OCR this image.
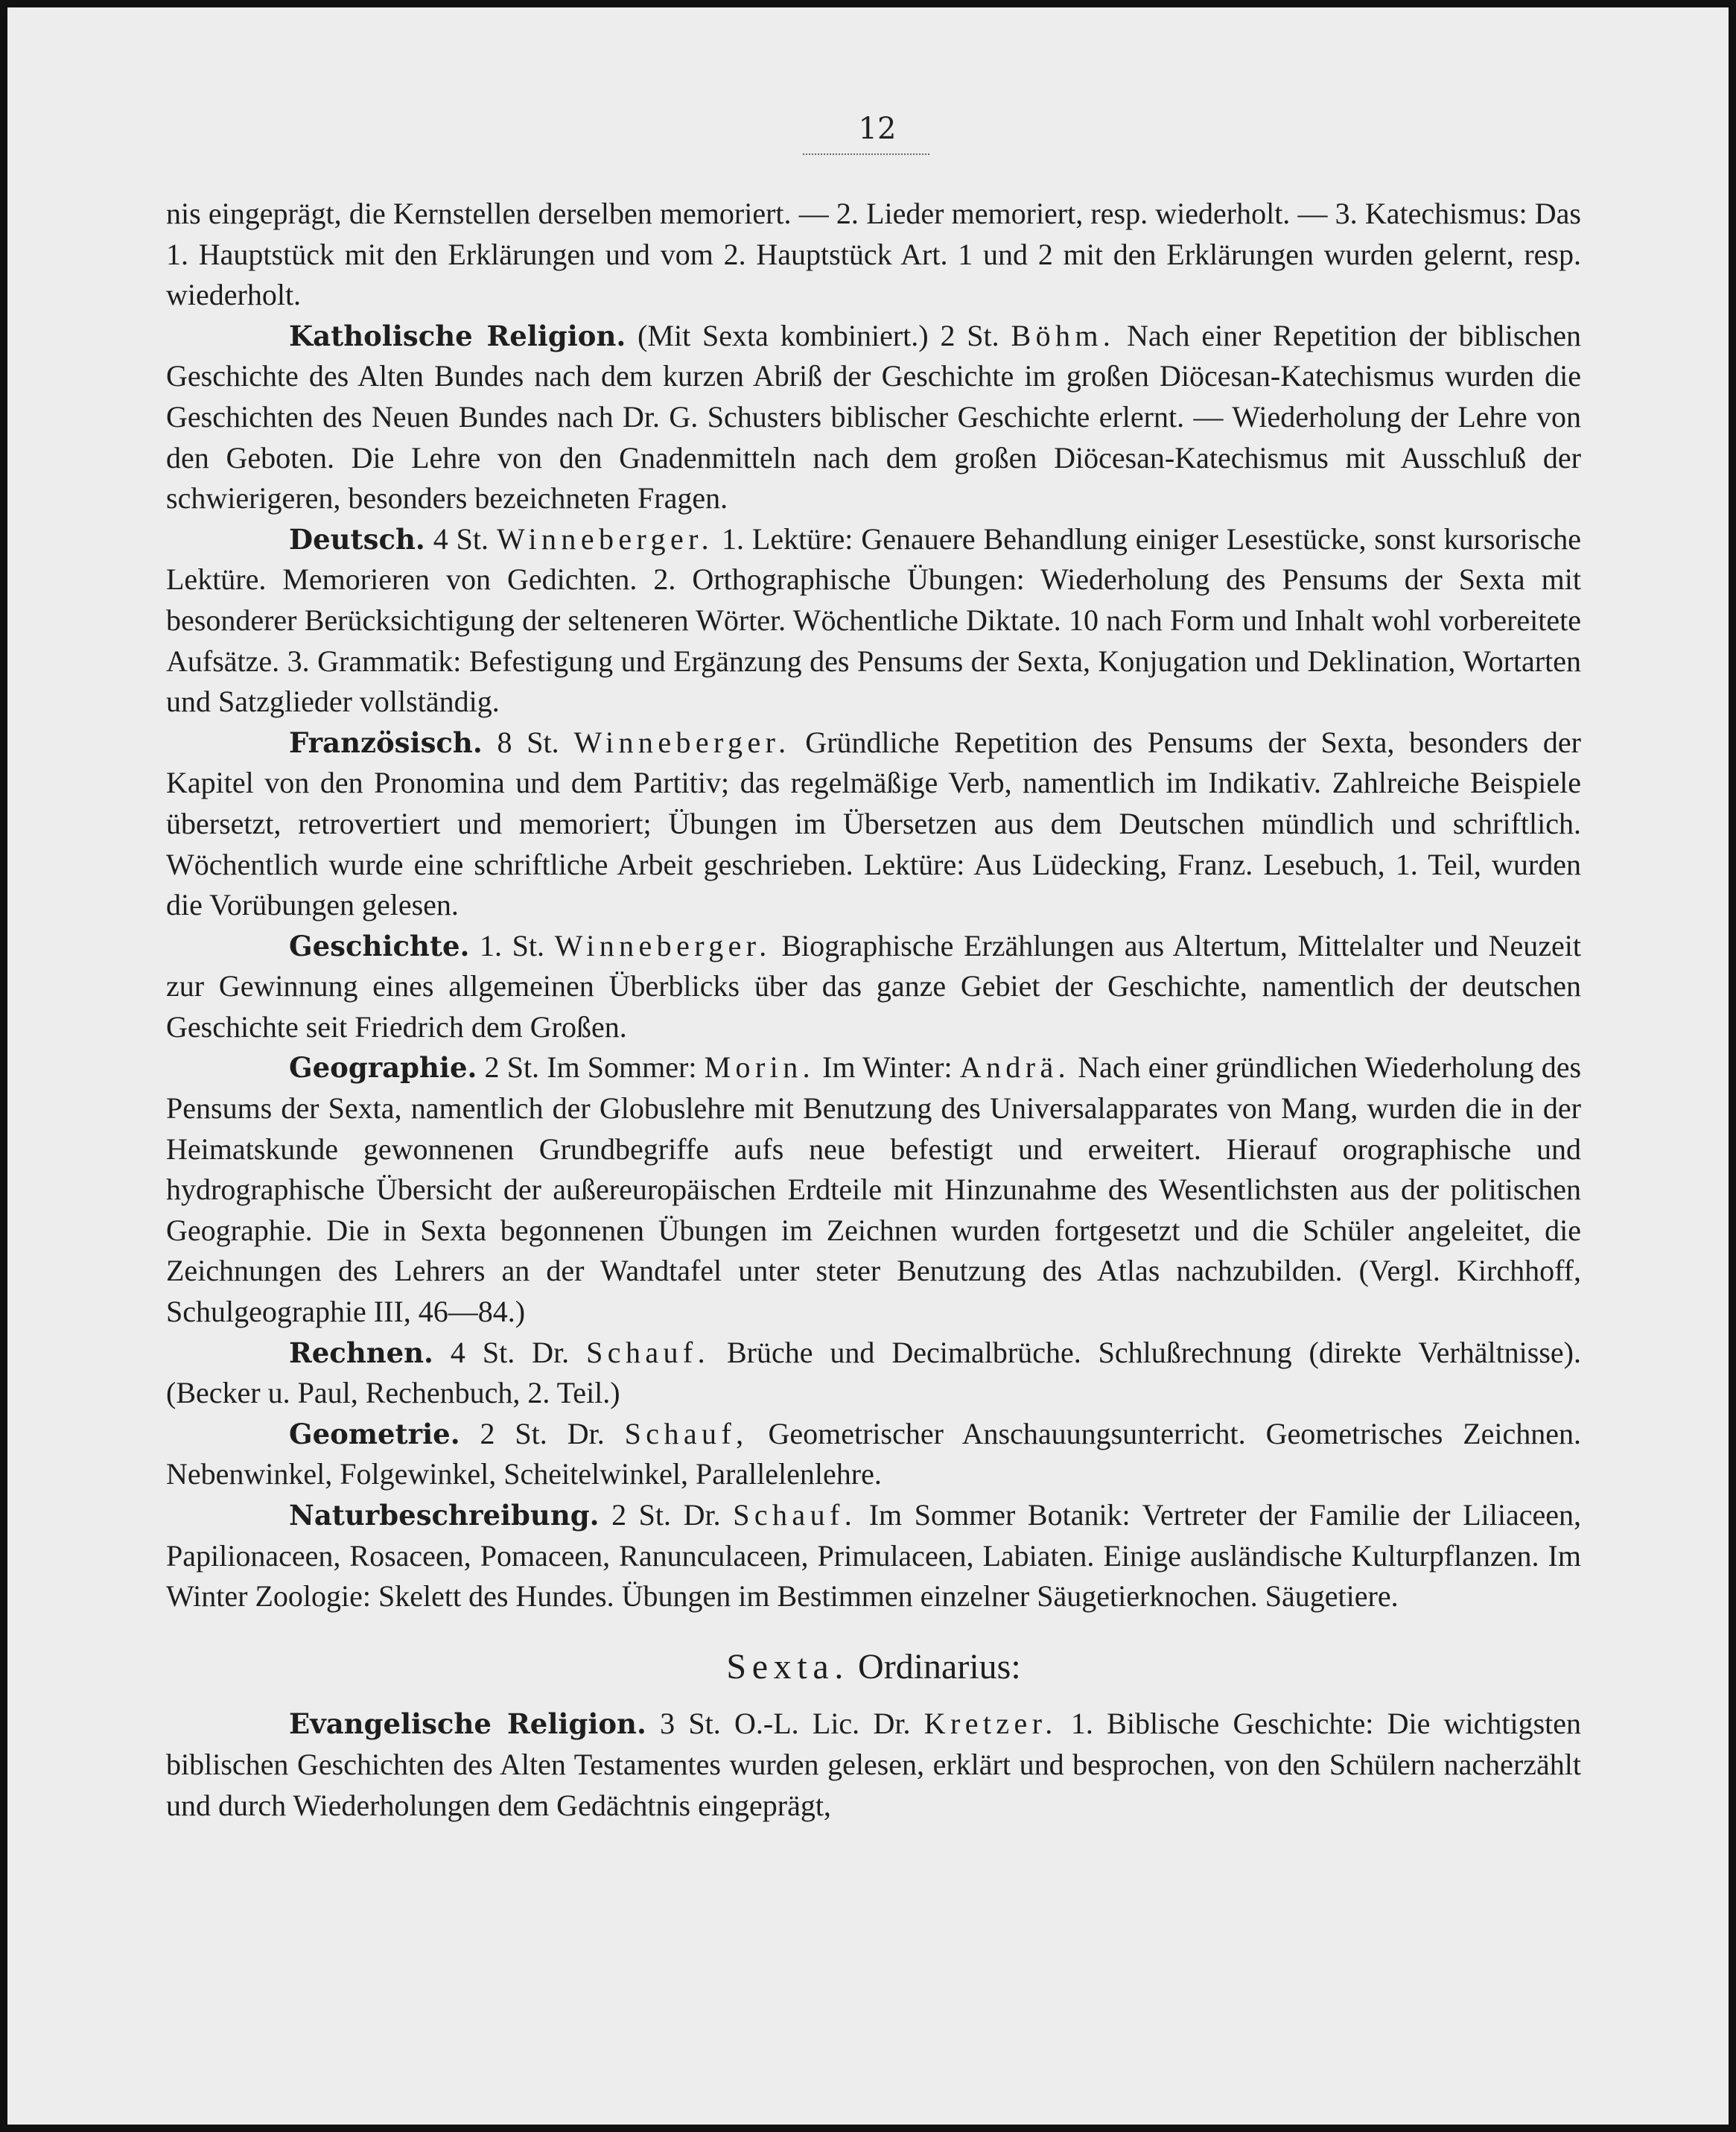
12

nis eingeprägt, die Kernstellen derselben memoriert. — 2. Lieder memoriert, resp. wiederholt. — 3. Katechismus: Das 1. Hauptstück mit den Erklärungen und vom 2. Hauptstück Art. 1 und 2 mit den Erklärungen wurden gelernt, resp. wiederholt.

Katholische Religion. (Mit Sexta kombiniert.) 2 St. Böhm. Nach einer Repetition der biblischen Geschichte des Alten Bundes nach dem kurzen Abriß der Geschichte im großen Diöcesan-Katechismus wurden die Geschichten des Neuen Bundes nach Dr. G. Schusters biblischer Geschichte erlernt. — Wiederholung der Lehre von den Geboten. Die Lehre von den Gnadenmitteln nach dem großen Diöcesan-Katechismus mit Ausschluß der schwierigeren, besonders bezeichneten Fragen.

Deutsch. 4 St. Winneberger. 1. Lektüre: Genauere Behandlung einiger Lesestücke, sonst kursorische Lektüre. Memorieren von Gedichten. 2. Orthographische Übungen: Wiederholung des Pensums der Sexta mit besonderer Berücksichtigung der selteneren Wörter. Wöchentliche Diktate. 10 nach Form und Inhalt wohl vorbereitete Aufsätze. 3. Grammatik: Befestigung und Ergänzung des Pensums der Sexta, Konjugation und Deklination, Wortarten und Satzglieder vollständig.

Französisch. 8 St. Winneberger. Gründliche Repetition des Pensums der Sexta, besonders der Kapitel von den Pronomina und dem Partitiv; das regelmäßige Verb, namentlich im Indikativ. Zahlreiche Beispiele übersetzt, retrovertiert und memoriert; Übungen im Übersetzen aus dem Deutschen mündlich und schriftlich. Wöchentlich wurde eine schriftliche Arbeit geschrieben. Lektüre: Aus Lüdecking, Franz. Lesebuch, 1. Teil, wurden die Vorübungen gelesen.

Geschichte. 1. St. Winneberger. Biographische Erzählungen aus Altertum, Mittelalter und Neuzeit zur Gewinnung eines allgemeinen Überblicks über das ganze Gebiet der Geschichte, namentlich der deutschen Geschichte seit Friedrich dem Großen.

Geographie. 2 St. Im Sommer: Morin. Im Winter: Andrä. Nach einer gründlichen Wiederholung des Pensums der Sexta, namentlich der Globuslehre mit Benutzung des Universalapparates von Mang, wurden die in der Heimatskunde gewonnenen Grundbegriffe aufs neue befestigt und erweitert. Hierauf orographische und hydrographische Übersicht der außereuropäischen Erdteile mit Hinzunahme des Wesentlichsten aus der politischen Geographie. Die in Sexta begonnenen Übungen im Zeichnen wurden fortgesetzt und die Schüler angeleitet, die Zeichnungen des Lehrers an der Wandtafel unter steter Benutzung des Atlas nachzubilden. (Vergl. Kirchhoff, Schulgeographie III, 46—84.)

Rechnen. 4 St. Dr. Schauf. Brüche und Decimalbrüche. Schlußrechnung (direkte Verhältnisse). (Becker u. Paul, Rechenbuch, 2. Teil.)

Geometrie. 2 St. Dr. Schauf, Geometrischer Anschauungsunterricht. Geometrisches Zeichnen. Nebenwinkel, Folgewinkel, Scheitelwinkel, Parallelenlehre.

Naturbeschreibung. 2 St. Dr. Schauf. Im Sommer Botanik: Vertreter der Familie der Liliaceen, Papilionaceen, Rosaceen, Pomaceen, Ranunculaceen, Primulaceen, Labiaten. Einige ausländische Kulturpflanzen. Im Winter Zoologie: Skelett des Hundes. Übungen im Bestimmen einzelner Säugetierknochen. Säugetiere.

Sexta. Ordinarius:

Evangelische Religion. 3 St. O.-L. Lic. Dr. Kretzer. 1. Biblische Geschichte: Die wichtigsten biblischen Geschichten des Alten Testamentes wurden gelesen, erklärt und besprochen, von den Schülern nacherzählt und durch Wiederholungen dem Gedächtnis eingeprägt,
